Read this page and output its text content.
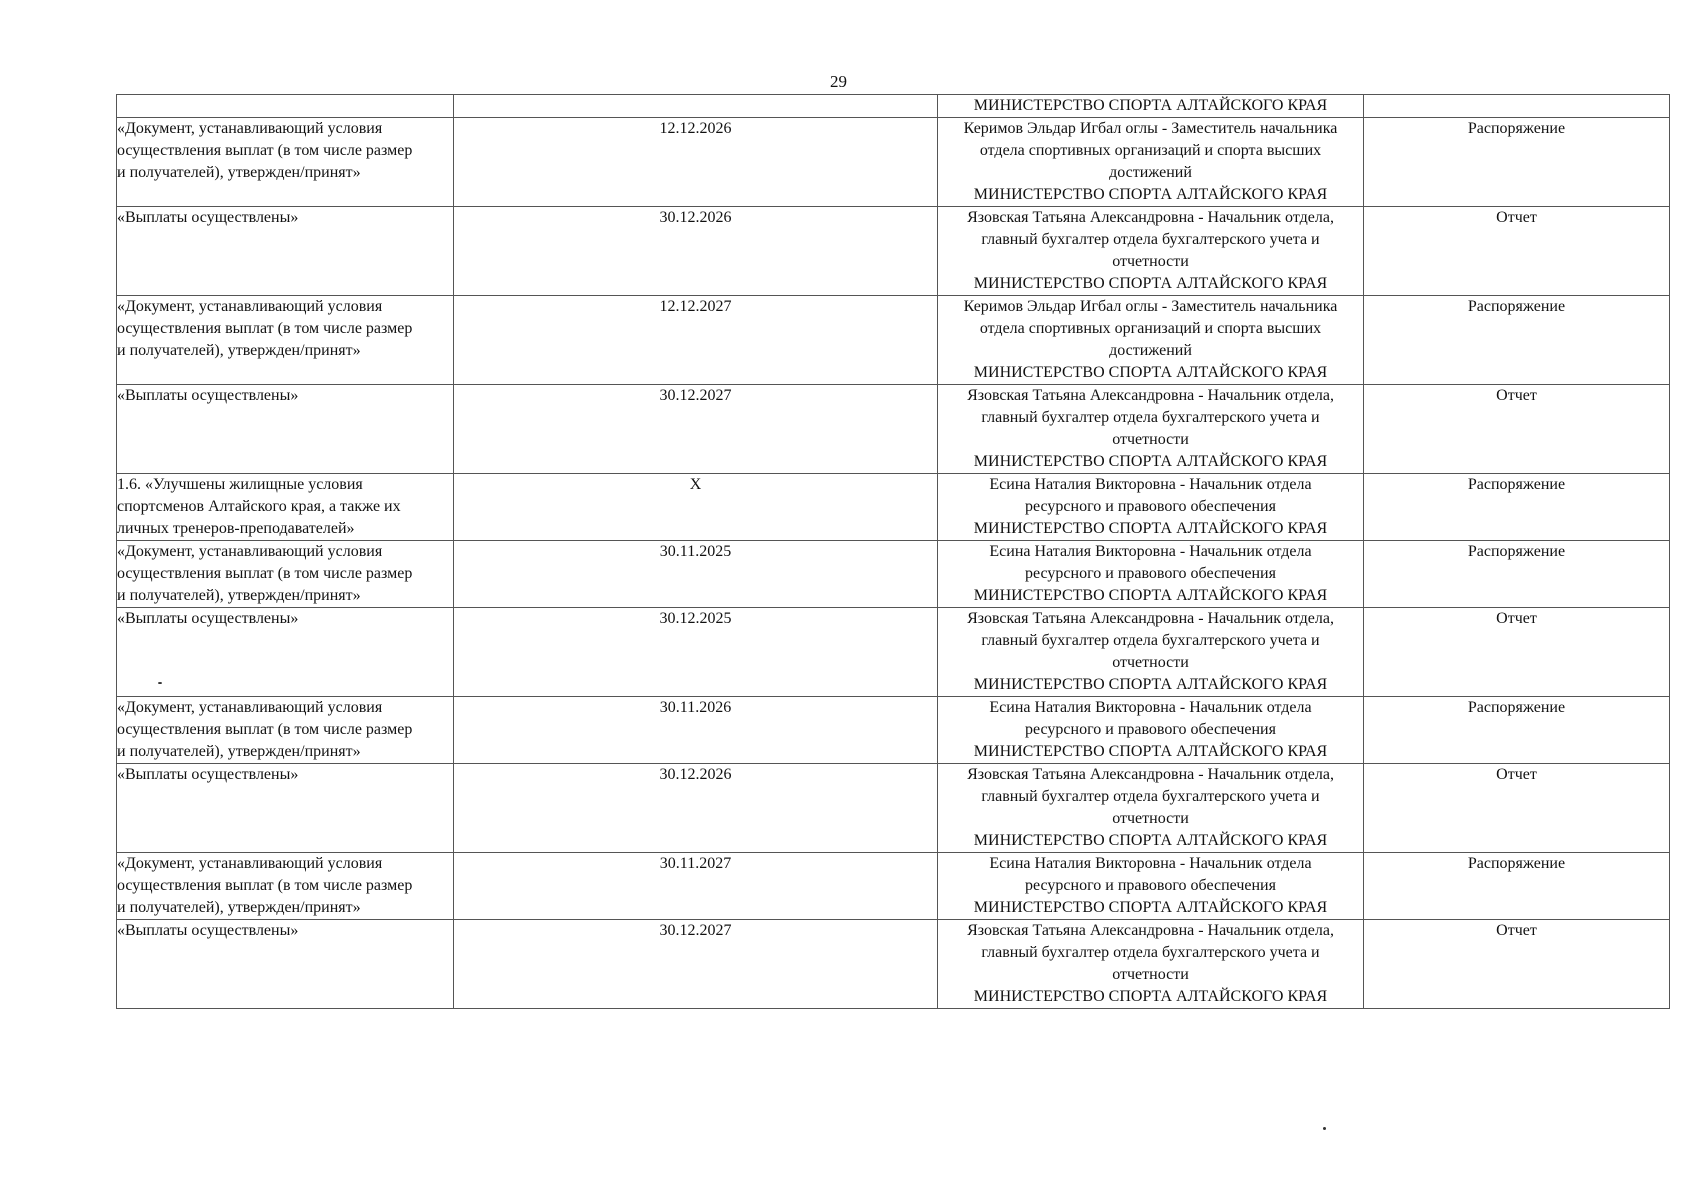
29

		МИНИСТЕРСТВО СПОРТА АЛТАЙСКОГО КРАЯ	

«Документ, устанавливающий условия
осуществления выплат (в том числе размер
и получателей), утвержден/принят»	12.12.2026	Керимов Эльдар Игбал оглы - Заместитель начальника
отдела спортивных организаций и спорта высших
достижений
МИНИСТЕРСТВО СПОРТА АЛТАЙСКОГО КРАЯ	Распоряжение

«Выплаты осуществлены»	30.12.2026	Язовская Татьяна Александровна - Начальник отдела,
главный бухгалтер отдела бухгалтерского учета и
отчетности
МИНИСТЕРСТВО СПОРТА АЛТАЙСКОГО КРАЯ	Отчет

«Документ, устанавливающий условия
осуществления выплат (в том числе размер
и получателей), утвержден/принят»	12.12.2027	Керимов Эльдар Игбал оглы - Заместитель начальника
отдела спортивных организаций и спорта высших
достижений
МИНИСТЕРСТВО СПОРТА АЛТАЙСКОГО КРАЯ	Распоряжение

«Выплаты осуществлены»	30.12.2027	Язовская Татьяна Александровна - Начальник отдела,
главный бухгалтер отдела бухгалтерского учета и
отчетности
МИНИСТЕРСТВО СПОРТА АЛТАЙСКОГО КРАЯ	Отчет

1.6. «Улучшены жилищные условия
спортсменов Алтайского края, а также их
личных тренеров-преподавателей»	X	Есина Наталия Викторовна - Начальник отдела
ресурсного и правового обеспечения
МИНИСТЕРСТВО СПОРТА АЛТАЙСКОГО КРАЯ	Распоряжение

«Документ, устанавливающий условия
осуществления выплат (в том числе размер
и получателей), утвержден/принят»	30.11.2025	Есина Наталия Викторовна - Начальник отдела
ресурсного и правового обеспечения
МИНИСТЕРСТВО СПОРТА АЛТАЙСКОГО КРАЯ	Распоряжение

«Выплаты осуществлены»	30.12.2025	Язовская Татьяна Александровна - Начальник отдела,
главный бухгалтер отдела бухгалтерского учета и
отчетности
МИНИСТЕРСТВО СПОРТА АЛТАЙСКОГО КРАЯ	Отчет

«Документ, устанавливающий условия
осуществления выплат (в том числе размер
и получателей), утвержден/принят»	30.11.2026	Есина Наталия Викторовна - Начальник отдела
ресурсного и правового обеспечения
МИНИСТЕРСТВО СПОРТА АЛТАЙСКОГО КРАЯ	Распоряжение

«Выплаты осуществлены»	30.12.2026	Язовская Татьяна Александровна - Начальник отдела,
главный бухгалтер отдела бухгалтерского учета и
отчетности
МИНИСТЕРСТВО СПОРТА АЛТАЙСКОГО КРАЯ	Отчет

«Документ, устанавливающий условия
осуществления выплат (в том числе размер
и получателей), утвержден/принят»	30.11.2027	Есина Наталия Викторовна - Начальник отдела
ресурсного и правового обеспечения
МИНИСТЕРСТВО СПОРТА АЛТАЙСКОГО КРАЯ	Распоряжение

«Выплаты осуществлены»	30.12.2027	Язовская Татьяна Александровна - Начальник отдела,
главный бухгалтер отдела бухгалтерского учета и
отчетности
МИНИСТЕРСТВО СПОРТА АЛТАЙСКОГО КРАЯ	Отчет
